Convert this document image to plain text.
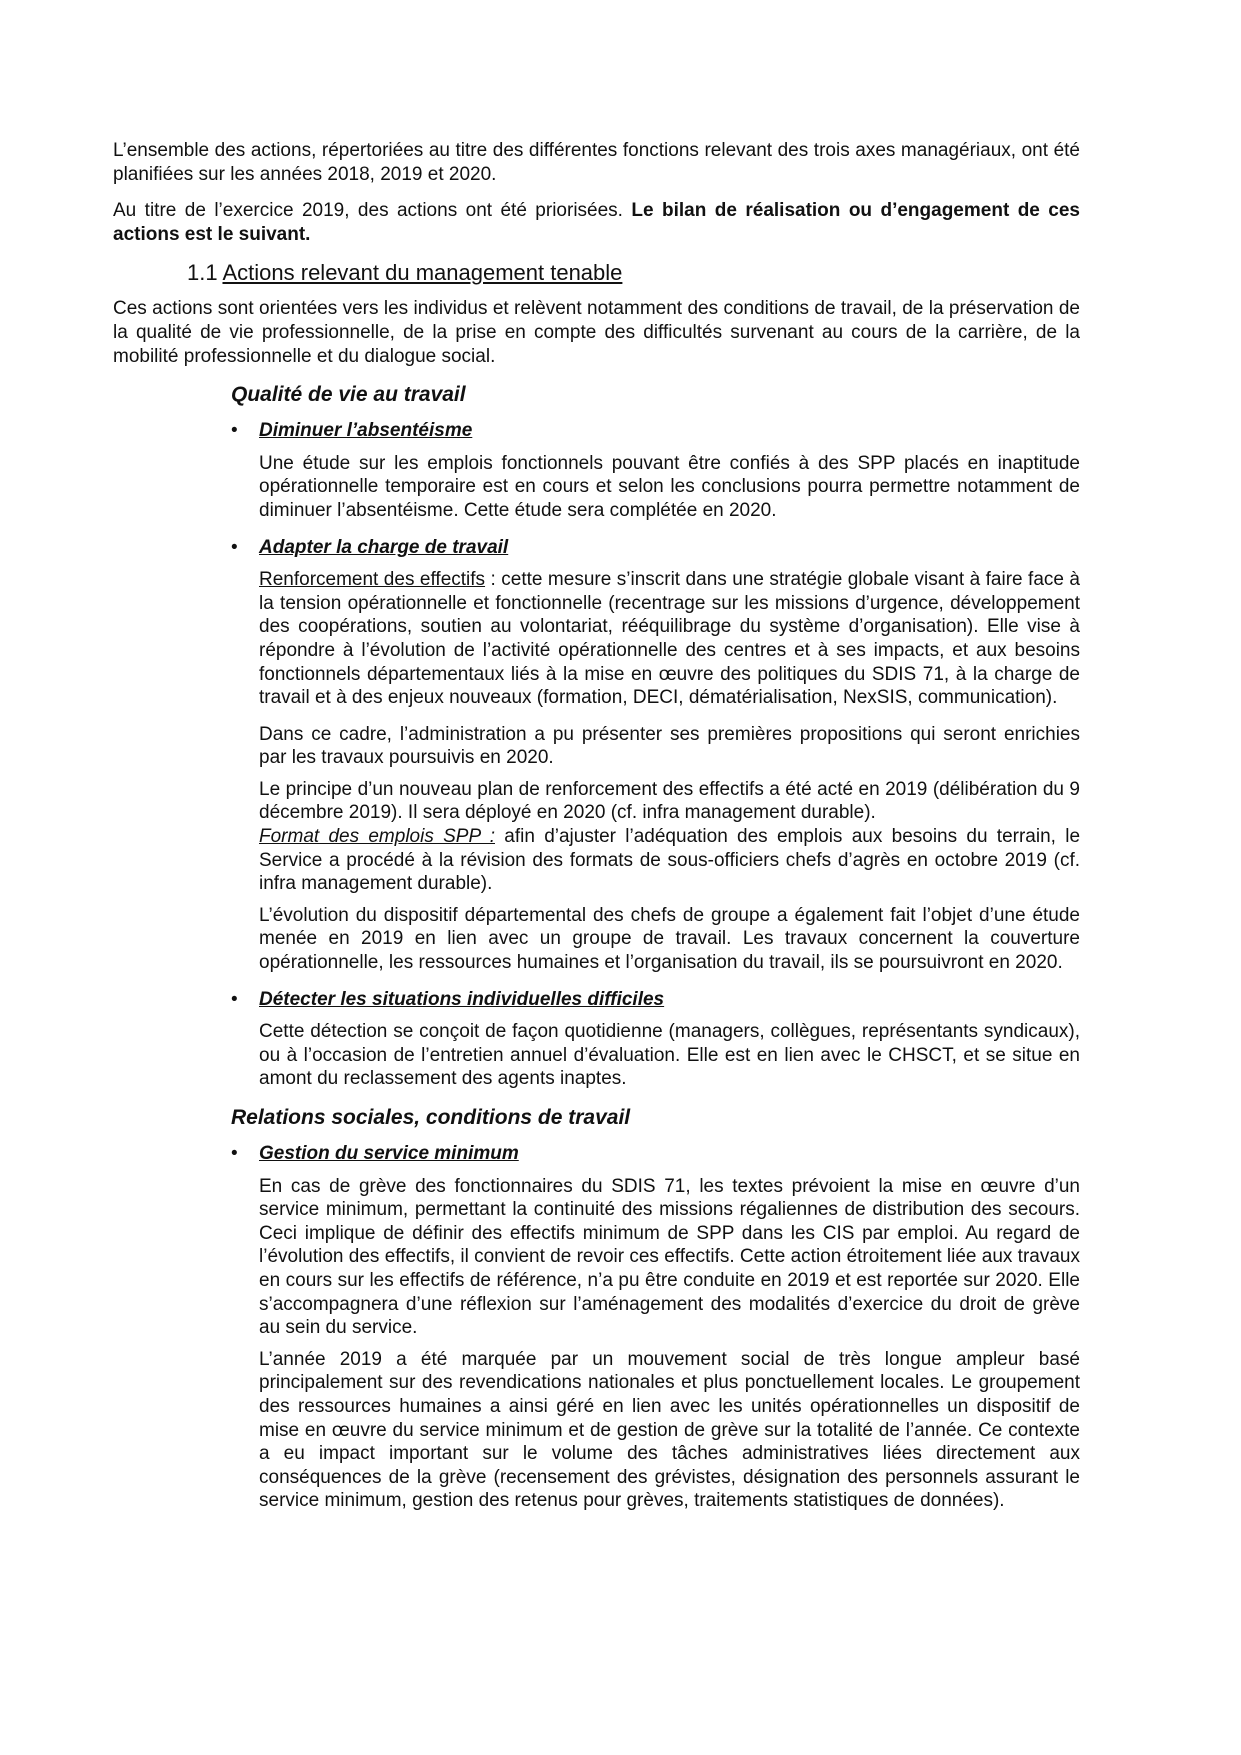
L’ensemble des actions, répertoriées au titre des différentes fonctions relevant des trois axes managériaux, ont été planifiées sur les années 2018, 2019 et 2020.

Au titre de l’exercice 2019, des actions ont été priorisées. Le bilan de réalisation ou d’engagement de ces actions est le suivant.

1.1 Actions relevant du management tenable

Ces actions sont orientées vers les individus et relèvent notamment des conditions de travail, de la préservation de la qualité de vie professionnelle, de la prise en compte des difficultés survenant au cours de la carrière, de la mobilité professionnelle et du dialogue social.

Qualité de vie au travail
• Diminuer l’absentéisme

Une étude sur les emplois fonctionnels pouvant être confiés à des SPP placés en inaptitude opérationnelle temporaire est en cours et selon les conclusions pourra permettre notamment de diminuer l’absentéisme. Cette étude sera complétée en 2020.

• Adapter la charge de travail

Renforcement des effectifs : cette mesure s’inscrit dans une stratégie globale visant à faire face à la tension opérationnelle et fonctionnelle (recentrage sur les missions d’urgence, développement des coopérations, soutien au volontariat, rééquilibrage du système d’organisation). Elle vise à répondre à l’évolution de l’activité opérationnelle des centres et à ses impacts, et aux besoins fonctionnels départementaux liés à la mise en œuvre des politiques du SDIS 71, à la charge de travail et à des enjeux nouveaux (formation, DECI, dématérialisation, NexSIS, communication).

Dans ce cadre, l’administration a pu présenter ses premières propositions qui seront enrichies par les travaux poursuivis en 2020.

Le principe d’un nouveau plan de renforcement des effectifs a été acté en 2019 (délibération du 9 décembre 2019). Il sera déployé en 2020 (cf. infra management durable).

Format des emplois SPP : afin d’ajuster l’adéquation des emplois aux besoins du terrain, le Service a procédé à la révision des formats de sous-officiers chefs d’agrès en octobre 2019 (cf. infra management durable).

L’évolution du dispositif départemental des chefs de groupe a également fait l’objet d’une étude menée en 2019 en lien avec un groupe de travail. Les travaux concernent la couverture opérationnelle, les ressources humaines et l’organisation du travail, ils se poursuivront en 2020.

• Détecter les situations individuelles difficiles

Cette détection se conçoit de façon quotidienne (managers, collègues, représentants syndicaux), ou à l’occasion de l’entretien annuel d’évaluation. Elle est en lien avec le CHSCT, et se situe en amont du reclassement des agents inaptes.

Relations sociales, conditions de travail
• Gestion du service minimum

En cas de grève des fonctionnaires du SDIS 71, les textes prévoient la mise en œuvre d’un service minimum, permettant la continuité des missions régaliennes de distribution des secours. Ceci implique de définir des effectifs minimum de SPP dans les CIS par emploi. Au regard de l’évolution des effectifs, il convient de revoir ces effectifs. Cette action étroitement liée aux travaux en cours sur les effectifs de référence, n’a pu être conduite en 2019 et est reportée sur 2020. Elle s’accompagnera d’une réflexion sur l’aménagement des modalités d’exercice du droit de grève au sein du service.

L’année 2019 a été marquée par un mouvement social de très longue ampleur basé principalement sur des revendications nationales et plus ponctuellement locales. Le groupement des ressources humaines a ainsi géré en lien avec les unités opérationnelles un dispositif de mise en œuvre du service minimum et de gestion de grève sur la totalité de l’année. Ce contexte a eu impact important sur le volume des tâches administratives liées directement aux conséquences de la grève (recensement des grévistes, désignation des personnels assurant le service minimum, gestion des retenus pour grèves, traitements statistiques de données).
